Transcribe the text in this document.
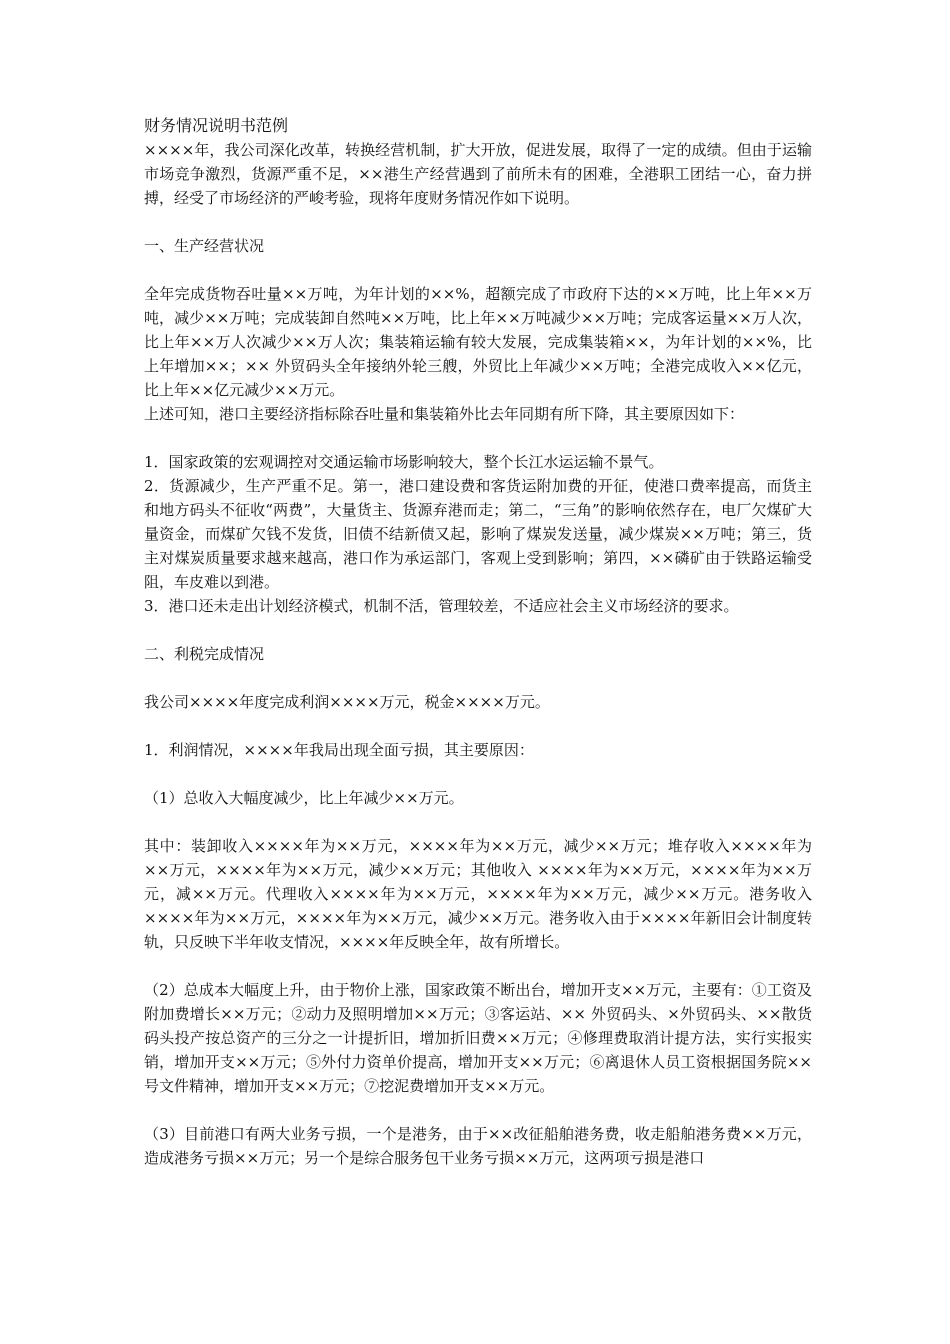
财务情况说明书范例

××××年，我公司深化改革，转换经营机制，扩大开放，促进发展，取得了一定的成绩。但由于运输市场竞争激烈，货源严重不足，××港生产经营遇到了前所未有的困难，全港职工团结一心，奋力拼搏，经受了市场经济的严峻考验，现将年度财务情况作如下说明。

一、生产经营状况

全年完成货物吞吐量××万吨，为年计划的××%，超额完成了市政府下达的××万吨，比上年××万吨，减少××万吨；完成装卸自然吨××万吨，比上年××万吨减少××万吨；完成客运量××万人次，比上年××万人次减少××万人次；集装箱运输有较大发展，完成集装箱××，为年计划的××%，比上年增加××；×× 外贸码头全年接纳外轮三艘，外贸比上年减少××万吨；全港完成收入××亿元，比上年××亿元减少××万元。

上述可知，港口主要经济指标除吞吐量和集装箱外比去年同期有所下降，其主要原因如下：

1．国家政策的宏观调控对交通运输市场影响较大，整个长江水运运输不景气。

2．货源减少，生产严重不足。第一，港口建设费和客货运附加费的开征，使港口费率提高，而货主和地方码头不征收“两费”，大量货主、货源弃港而走；第二，“三角”的影响依然存在，电厂欠煤矿大量资金，而煤矿欠钱不发货，旧债不结新债又起，影响了煤炭发送量，减少煤炭××万吨；第三，货主对煤炭质量要求越来越高，港口作为承运部门，客观上受到影响；第四，××磷矿由于铁路运输受阻，车皮难以到港。

3．港口还未走出计划经济模式，机制不活，管理较差，不适应社会主义市场经济的要求。

二、利税完成情况

我公司××××年度完成利润××××万元，税金××××万元。

1．利润情况，××××年我局出现全面亏损，其主要原因：

（1）总收入大幅度减少，比上年减少××万元。

其中：装卸收入××××年为××万元，××××年为××万元，减少××万元；堆存收入××××年为××万元，××××年为××万元，减少××万元；其他收入 ××××年为××万元，××××年为××万元，减××万元。代理收入××××年为××万元，××××年为××万元，减少××万元。港务收入××××年为××万元，××××年为××万元，减少××万元。港务收入由于××××年新旧会计制度转轨，只反映下半年收支情况，××××年反映全年，故有所增长。

（2）总成本大幅度上升，由于物价上涨，国家政策不断出台，增加开支××万元，主要有：①工资及附加费增长××万元；②动力及照明增加××万元；③客运站、×× 外贸码头、×外贸码头、××散货码头投产按总资产的三分之一计提折旧，增加折旧费××万元；④修理费取消计提方法，实行实报实销，增加开支××万元；⑤外付力资单价提高，增加开支××万元；⑥离退休人员工资根据国务院××号文件精神，增加开支××万元；⑦挖泥费增加开支××万元。

（3）目前港口有两大业务亏损，一个是港务，由于××改征船舶港务费，收走船舶港务费××万元，造成港务亏损××万元；另一个是综合服务包干业务亏损××万元，这两项亏损是港口
